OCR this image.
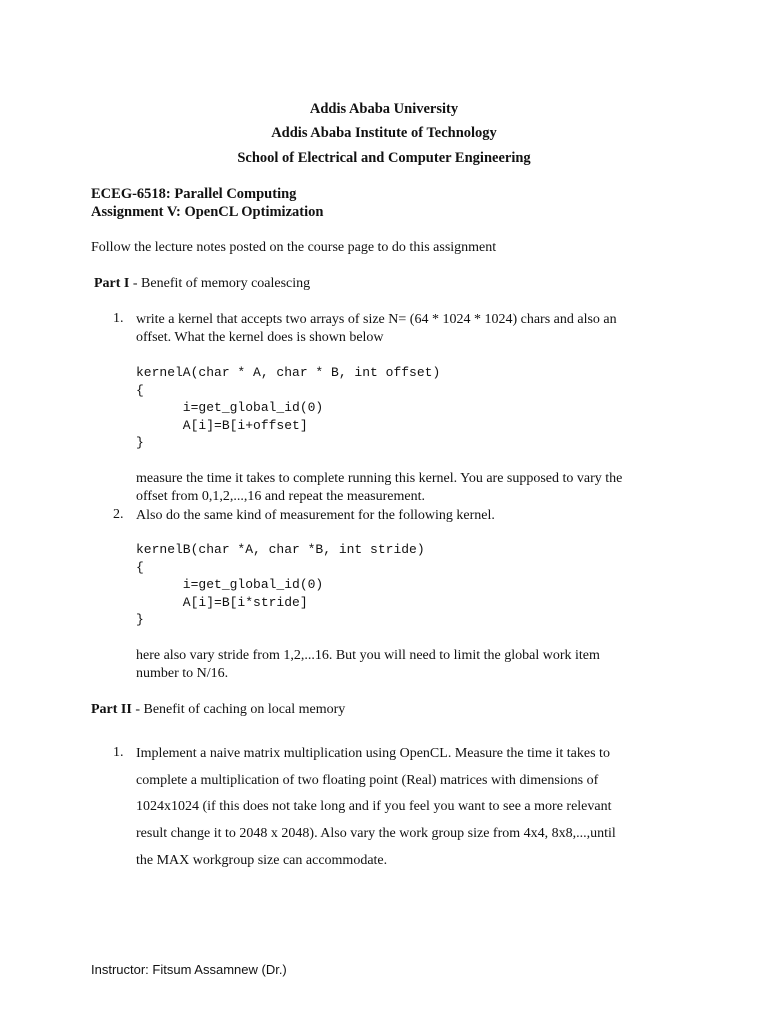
Addis Ababa University
Addis Ababa Institute of Technology
School of Electrical and Computer Engineering
ECEG-6518: Parallel Computing
Assignment V: OpenCL Optimization
Follow the lecture notes posted on the course page to do this assignment
Part I - Benefit of memory coalescing
1. write a kernel that accepts two arrays of size N= (64 * 1024 * 1024) chars and also an
offset. What the kernel does is shown below
kernelA(char * A, char * B, int offset)
{
i=get_global_id(0)
A[i]=B[i+offset]
}
measure the time it takes to complete running this kernel. You are supposed to vary the
offset from 0,1,2,...,16 and repeat the measurement.
2. Also do the same kind of measurement for the following kernel.
kernelB(char *A, char *B, int stride)
{
i=get_global_id(0)
A[i]=B[i*stride]
}
here also vary stride from 1,2,...16. But you will need to limit the global work item
number to N/16.
Part II - Benefit of caching on local memory
1. Implement a naive matrix multiplication using OpenCL. Measure the time it takes to
complete a multiplication of two floating point (Real) matrices with dimensions of
1024x1024 (if this does not take long and if you feel you want to see a more relevant
result change it to 2048 x 2048). Also vary the work group size from 4x4, 8x8,...,until
the MAX workgroup size can accommodate.
Instructor: Fitsum Assamnew (Dr.)
